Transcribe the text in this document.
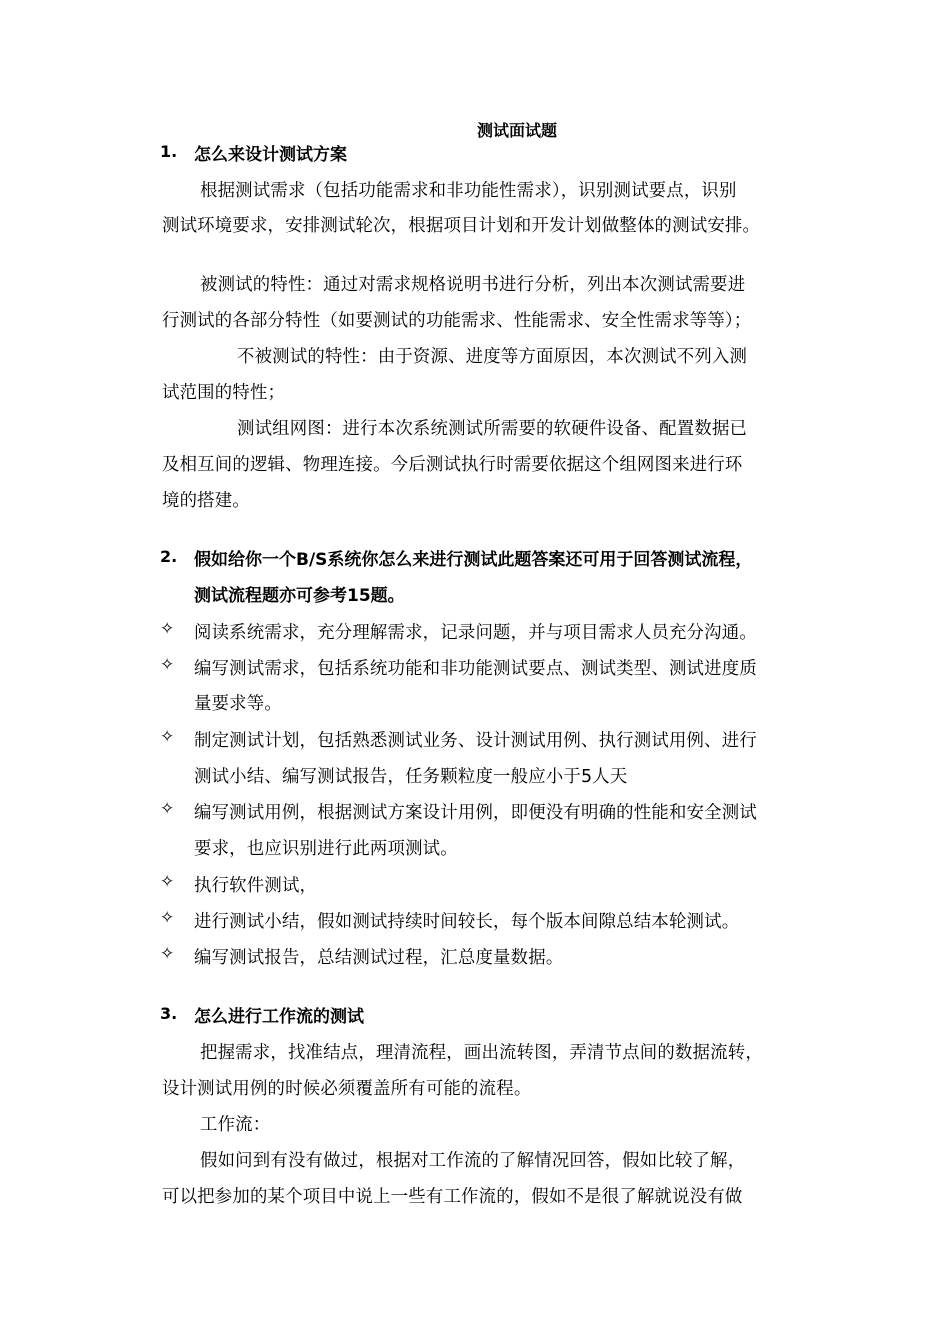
测试面试题
1. 怎么来设计测试方案
根据测试需求（包括功能需求和非功能性需求），识别测试要点，识别
测试环境要求，安排测试轮次，根据项目计划和开发计划做整体的测试安排。
被测试的特性：通过对需求规格说明书进行分析，列出本次测试需要进
行测试的各部分特性（如要测试的功能需求、性能需求、安全性需求等等）；
不被测试的特性：由于资源、进度等方面原因，本次测试不列入测
试范围的特性；
测试组网图：进行本次系统测试所需要的软硬件设备、配置数据已
及相互间的逻辑、物理连接。今后测试执行时需要依据这个组网图来进行环
境的搭建。
2. 假如给你一个B/S系统你怎么来进行测试此题答案还可用于回答测试流程，
测试流程题亦可参考15题。
✧ 阅读系统需求，充分理解需求，记录问题，并与项目需求人员充分沟通。
✧ 编写测试需求，包括系统功能和非功能测试要点、测试类型、测试进度质
量要求等。
✧ 制定测试计划，包括熟悉测试业务、设计测试用例、执行测试用例、进行
测试小结、编写测试报告，任务颗粒度一般应小于5人天
✧ 编写测试用例，根据测试方案设计用例，即便没有明确的性能和安全测试
要求，也应识别进行此两项测试。
✧ 执行软件测试，
✧ 进行测试小结，假如测试持续时间较长，每个版本间隙总结本轮测试。
✧ 编写测试报告，总结测试过程，汇总度量数据。
3. 怎么进行工作流的测试
把握需求，找准结点，理清流程，画出流转图，弄清节点间的数据流转，
设计测试用例的时候必须覆盖所有可能的流程。
工作流：
假如问到有没有做过，根据对工作流的了解情况回答，假如比较了解，
可以把参加的某个项目中说上一些有工作流的，假如不是很了解就说没有做
